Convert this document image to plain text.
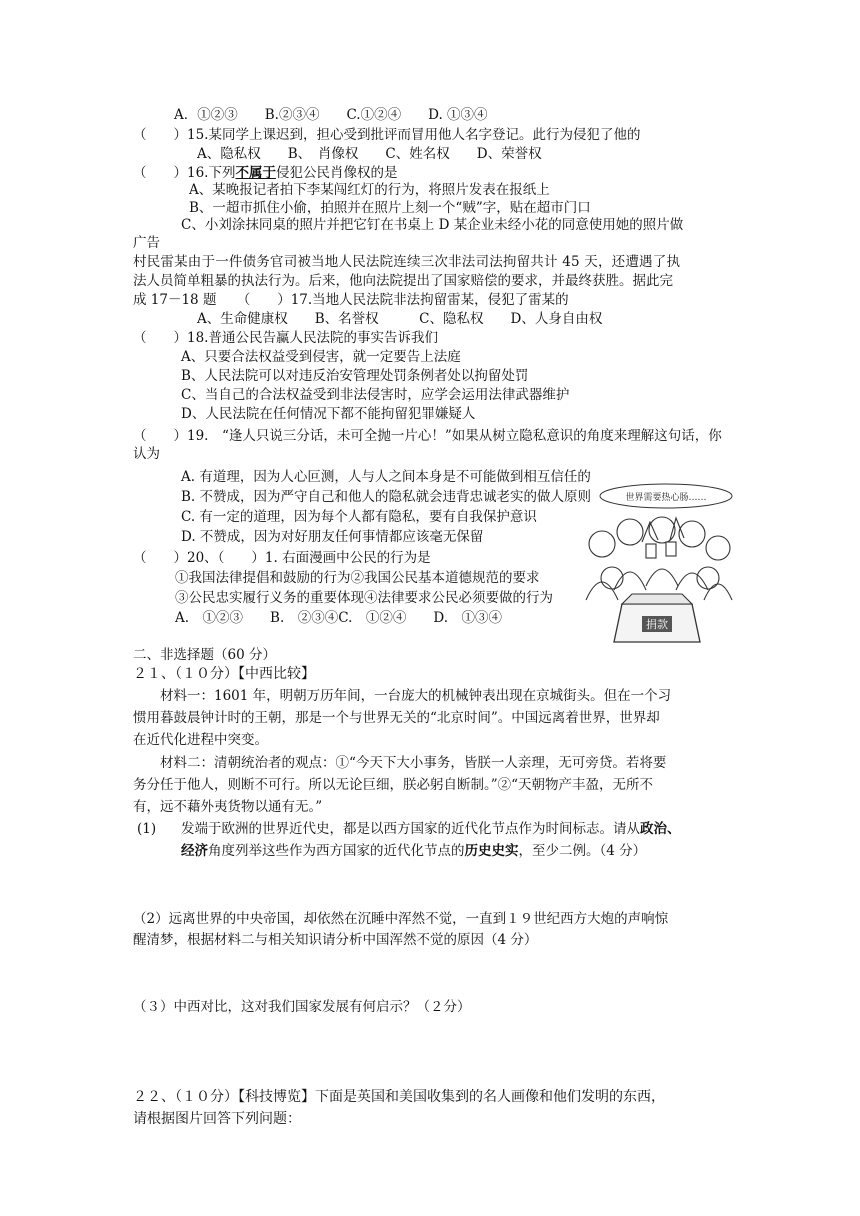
A．①②③　　B.②③④　　C.①②④　　D. ①③④
（　　）15.某同学上课迟到，担心受到批评而冒用他人名字登记。此行为侵犯了他的
A、隐私权　　B、　肖像权　　C、姓名权　　D、荣誉权
（　　）16.下列不属于侵犯公民肖像权的是
A、某晚报记者拍下李某闯红灯的行为，将照片发表在报纸上
B、一超市抓住小偷，拍照并在照片上刻一个“贼”字，贴在超市门口
C、小刘涂抹同桌的照片并把它钉在书桌上 D 某企业未经小花的同意使用她的照片做
广告
村民雷某由于一件债务官司被当地人民法院连续三次非法司法拘留共计 45 天，还遭遇了执
法人员简单粗暴的执法行为。后来，他向法院提出了国家赔偿的要求，并最终获胜。据此完
成 17－18 题　　（　　）17.当地人民法院非法拘留雷某，侵犯了雷某的
A、生命健康权　　B、名誉权　　　C、隐私权　　D、人身自由权
（　　）18.普通公民告赢人民法院的事实告诉我们
A、只要合法权益受到侵害，就一定要告上法庭
B、人民法院可以对违反治安管理处罚条例者处以拘留处罚
C、当自己的合法权益受到非法侵害时，应学会运用法律武器维护
D、人民法院在任何情况下都不能拘留犯罪嫌疑人
（　　）19.　“逢人只说三分话，未可全抛一片心！”如果从树立隐私意识的角度来理解这句话，你
认为
A. 有道理，因为人心叵测，人与人之间本身是不可能做到相互信任的
B. 不赞成，因为严守自己和他人的隐私就会违背忠诚老实的做人原则
C. 有一定的道理，因为每个人都有隐私，要有自我保护意识
D. 不赞成，因为对好朋友任何事情都应该毫无保留
（　　）20、（　　）1. 右面漫画中公民的行为是
①我国法律提倡和鼓励的行为②我国公民基本道德规范的要求
③公民忠实履行义务的重要体现④法律要求公民必须要做的行为
A.　①②③　　B.　②③④C.　①②④　　D.　①③④
世界需要热心肠……
捐款
二、非选择题（60 分）
２１、（１０分）【中西比较】
材料一：1601 年，明朝万历年间，一台庞大的机械钟表出现在京城街头。但在一个习
惯用暮鼓晨钟计时的王朝，那是一个与世界无关的“北京时间”。中国远离着世界，世界却
在近代化进程中突变。
材料二：清朝统治者的观点：①“今天下大小事务，皆朕一人亲理，无可旁贷。若将要
务分任于他人，则断不可行。所以无论巨细，朕必躬自断制。”②“天朝物产丰盈，无所不
有，远不藉外夷货物以通有无。”
(1) 发端于欧洲的世界近代史，都是以西方国家的近代化节点作为时间标志。请从政治、
经济角度列举这些作为西方国家的近代化节点的历史史实，至少二例。（4 分）
（2）远离世界的中央帝国，却依然在沉睡中浑然不觉，一直到１９世纪西方大炮的声响惊
醒清梦，根据材料二与相关知识请分析中国浑然不觉的原因（4 分）
（３）中西对比，这对我们国家发展有何启示？（２分）
２２、（１０分）【科技博览】下面是英国和美国收集到的名人画像和他们发明的东西，
请根据图片回答下列问题：
